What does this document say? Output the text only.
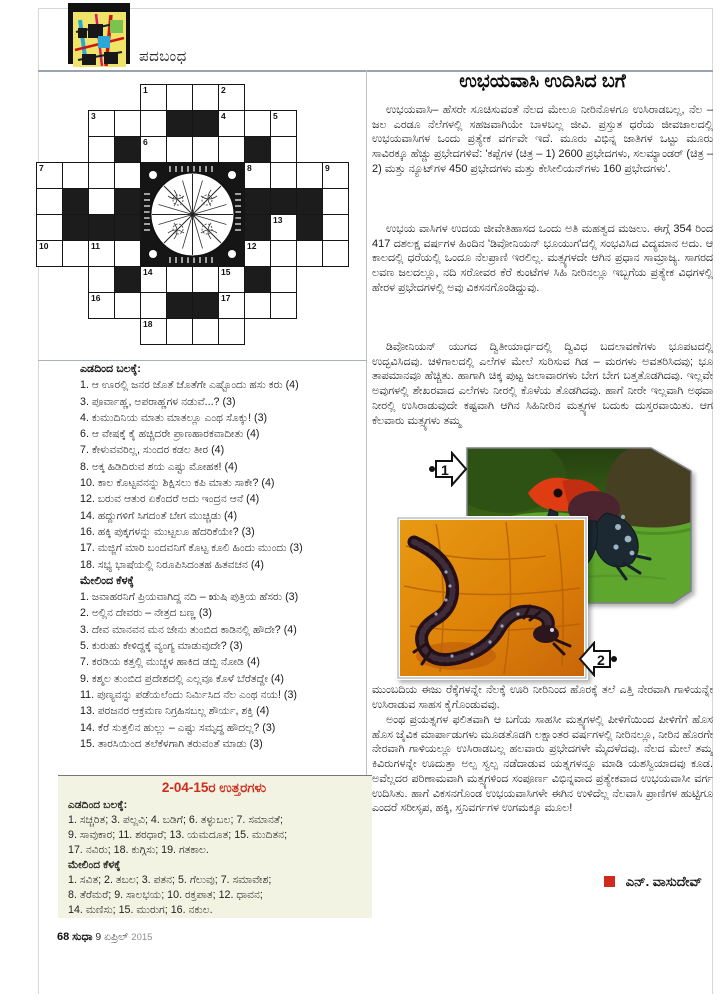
ಪದಬಂಧ
1	2
3	4	5
6
7	8	9
10	11	12
13
14	15
16	17
18
ಎಡದಿಂದ ಬಲಕ್ಕೆ:
1. ಆ ಊರಲ್ಲಿ ಜನರ ಜೊತೆ ಜೊತೆಗೇ ಎಷ್ಟೊಂದು ಹಸು ಕರು (4)
3. ಪೂರ್ವಾಹ್ಣ, ಅಪರಾಹ್ಣಗಳ ನಡುವೆ...? (3)
4. ಕುಮುದಿನಿಯ ಮಾತು ಮಾತಲ್ಲೂ ಎಂಥ ಸೊಕ್ಕು! (3)
6. ಆ ವೇಷಕ್ಕೆ ಕೈ ಹಚ್ಚಿದರೇ ಪ್ರಾಣಹಾರಕವಾದೀತು (4)
7. ಕೇಳುವವರಿಲ್ಲ, ಸುಂದರ ಕಡಲ ತೀರ (4)
8. ಅಕ್ಕ ಹಿಡಿದಿರುವ ಶಯ ಎಷ್ಟು ಮೋಹಕ! (4)
10. ಕಾಲ ಕೊಟ್ಟವನನ್ನು ಶಿಕ್ಷಿಸಲು ಕಪಿ ಮಾತು ಸಾಕೇ? (4)
12. ಬರುವ ಆತುರ ಏಕೆಂದರೆ ಅದು ಇಂದ್ರನ ಆನೆ (4)
14. ಹದ್ದುಗಳಿಗೆ ಸಿಗದಂತೆ ಬೇಗ ಮುಚ್ಚಿಡು (4)
16. ಹಕ್ಕಿ ಪುಕ್ಕಗಳನ್ನು ಮುಟ್ಟಲೂ ಹೆದರಿಕೆಯೇ? (3)
17. ಮಜ್ಜಿಗೆ ಮಾರಿ ಬಂದವನಿಗೆ ಕೊಟ್ಟ ಕೂಲಿ ಹಿಂದು ಮುಂದು (3)
18. ಸಭ್ಯ ಭಾಷೆಯಲ್ಲಿ ನಿರೂಪಿಸಿದಂತಹ ಹಿತವಚನ (4)
ಮೇಲಿಂದ ಕೆಳಕ್ಕೆ
1. ಜವಾಹರನಿಗೆ ಪ್ರಿಯವಾಗಿದ್ದ ನದಿ – ಋಷಿ ಪುತ್ರಿಯ ಹೆಸರು (3)
2. ಅಲ್ಲಿನ ದೇವರು – ನೇತ್ರದ ಬಣ್ಣ (3)
3. ದೇವ ಮಾನವನ ಮನ ಜೇನು ತುಂಬಿದ ಕಾಡಿನಲ್ಲಿ ಹೌದೇ? (4)
5. ಕುರುಹು ಕೇಳಿದ್ದಕ್ಕೆ ವ್ಯಂಗ್ಯ ಮಾಡುವುದೇ? (3)
7. ಕರಡಿಯ ಕತ್ತಲ್ಲಿ ಮುಚ್ಚಳ ಹಾಕಿದ ಡಬ್ಬಿ ನೋಡಿ (4)
9. ಕಶ್ಮಲ ತುಂಬಿದ ಪ್ರದೇಶದಲ್ಲಿ ಎಲ್ಲವೂ ಕೊಳೆ ಬೆರೆತದ್ದೇ (4)
11. ಪುಣ್ಯವನ್ನು ಪಡೆಯಲೆಂದು ನಿರ್ಮಿಸಿದ ನೆಲ ಎಂಥ ನಯ! (3)
13. ಪರಜನರ ಆಕ್ರಮಣ ನಿಗ್ರಹಿಸಬಲ್ಲ ಶೌರ್ಯ, ಶಕ್ತಿ (4)
14. ಕೆರೆ ಸುತ್ತಲಿನ ಹುಲ್ಲು – ಎಷ್ಟು ಸಮೃದ್ಧ ಹೌದಲ್ಲ? (3)
15. ತಾರಸಿಯಿಂದ ತಲೆಕೆಳಗಾಗಿ ತರುವಂತೆ ಮಾಡು (3)
2-04-15ರ ಉತ್ತರಗಳು
ಎಡದಿಂದ ಬಲಕ್ಕೆ:
1. ಸಚ್ಚರಿತ; 3. ಪಲ್ಲವಿ; 4. ಬಡಿಗೆ; 6. ತಳ್ಳುಬಲ; 7. ಸಮಾನತೆ;
9. ಸಾವುಕಾರ; 11. ಶರಧಾರೆ; 13. ಯಮದೂತ; 15. ಮುದಿತನ;
17. ನವಿರು; 18. ಕುಗ್ಗಿಸು; 19. ಗತಕಾಲ.
ಮೇಲಿಂದ ಕೆಳಕ್ಕೆ
1. ಸವಿತ; 2. ತಬಲ; 3. ಪತನ; 5. ಗೆಲುವು; 7. ಸಮಾವೇಶ;
8. ತೆರೆಮರೆ; 9. ಸಾಲಭಯ; 10. ರಕ್ತಪಾತ; 12. ಧಾವನ;
14. ಮಣಿಸು; 15. ಮುರುಗ; 16. ನಕುಲ.
68 ಸುಧಾ 9 ಏಪ್ರಿಲ್ 2015
ಉಭಯವಾಸಿ ಉದಿಸಿದ ಬಗೆ
ಉಭಯವಾಸಿ– ಹೆಸರೇ ಸೂಚಿಸುವಂತೆ ನೆಲದ ಮೇಲೂ ನೀರಿನೊಳಗೂ ಉಸಿರಾಡಬಲ್ಲ, ನೆಲ – ಜಲ ಎರಡೂ ನೆಲೆಗಳಲ್ಲಿ ಸಹಜವಾಗಿಯೇ ಬಾಳಬಲ್ಲ ಜೀವಿ. ಪ್ರಸ್ತುತ ಧರೆಯ ಜೀವಜಾಲದಲ್ಲಿ ಉಭಯವಾಸಿಗಳ ಒಂದು ಪ್ರತ್ಯೇಕ ವರ್ಗವೇ ಇದೆ. ಮೂರು ವಿಭಿನ್ನ ಜಾತಿಗಳ ಒಟ್ಟು ಮೂರು ಸಾವಿರಕ್ಕೂ ಹೆಚ್ಚು ಪ್ರಭೇದಗಳಿವೆ: 'ಕಪ್ಪೆಗಳ (ಚಿತ್ರ – 1) 2600 ಪ್ರಭೇದಗಳು, ಸಲಮ್ಯಾಂಡರ್ (ಚಿತ್ರ – 2) ಮತ್ತು ನ್ಯೂಟ್‌ಗಳ 450 ಪ್ರಭೇದಗಳು ಮತ್ತು ಕೇಸೀಲಿಯನ್‌ಗಳು 160 ಪ್ರಭೇದಗಳು'.
ಉಭಯ ವಾಸಿಗಳ ಉದಯ ಜೀವೇತಿಹಾಸದ ಒಂದು ಅತಿ ಮಹತ್ವದ ಮಜಲು. ಈಗ್ಗೆ 354 ರಿಂದ 417 ದಶಲಕ್ಷ ವರ್ಷಗಳ ಹಿಂದಿನ 'ಡಿವೋನಿಯನ್ ಭೂಯುಗ'ದಲ್ಲಿ ಸಂಭವಿಸಿದ ವಿದ್ಯಮಾನ ಅದು. ಆ ಕಾಲದಲ್ಲಿ ಧರೆಯಲ್ಲಿ ಒಂದೂ ನೆಲಪ್ರಾಣಿ ಇರಲಿಲ್ಲ. ಮತ್ಸ್ಯಗಳದೇ ಆಗಿನ ಪ್ರಧಾನ ಸಾಮ್ರಾಜ್ಯ. ಸಾಗರದ ಲವಣ ಜಲದಲ್ಲೂ, ನದಿ ಸರೋವರ ಕೆರೆ ಕುಂಟೆಗಳ ಸಿಹಿ ನೀರಿನಲ್ಲೂ ಇಬ್ಬಗೆಯ ಪ್ರತ್ಯೇಕ ವಿಧಗಳಲ್ಲಿ ಹೇರಳ ಪ್ರಭೇದಗಳಲ್ಲಿ ಅವು ವಿಕಸನಗೊಂಡಿದ್ದುವು.
ಡಿವೋನಿಯನ್ ಯುಗದ ದ್ವಿತೀಯಾರ್ಧದಲ್ಲಿ ದ್ವಿವಿಧ ಬದಲಾವಣೆಗಳು ಭೂಪಟದಲ್ಲಿ ಉದ್ಭವಿಸಿದವು. ಚಳಿಗಾಲದಲ್ಲಿ ಎಲೆಗಳ ಮೇಲೆ ಸುರಿಸುವ ಗಿಡ – ಮರಗಳು ಅವತರಿಸಿದವು; ಭೂ ತಾಪಮಾನವೂ ಹೆಚ್ಚಿತು. ಹಾಗಾಗಿ ಚಿಕ್ಕ ಪುಟ್ಟ ಜಲಾವಾರಗಳು ಬೇಗ ಬೇಗ ಬತ್ತತೊಡಗಿದವು. ಇಲ್ಲವೇ ಅವುಗಳಲ್ಲಿ ಶೇಖರವಾದ ಎಲೆಗಳು ನೀರಲ್ಲಿ ಕೊಳೆಯ ತೊಡಗಿದವು. ಹಾಗೆ ನೀರೇ ಇಲ್ಲವಾಗಿ ಅಥವಾ ನೀರಲ್ಲಿ ಉಸಿರಾಡುವುದೇ ಕಷ್ಟವಾಗಿ ಆಗಿನ ಸಿಹಿನೀರಿನ ಮತ್ಸ್ಯಗಳ ಬದುಕು ದುಸ್ತರವಾಯಿತು. ಆಗ ಕೆಲವಾರು ಮತ್ಸ್ಯಗಳು ತಮ್ಮ
ಮುಂಬದಿಯ ಈಜು ರೆಕ್ಕೆಗಳನ್ನೇ ನೆಲಕ್ಕೆ ಊರಿ ನೀರಿನಿಂದ ಹೊರಕ್ಕೆ ತಲೆ ಎತ್ತಿ ನೇರವಾಗಿ ಗಾಳಿಯನ್ನೇ ಉಸಿರಾಡುವ ಸಾಹಸ ಕೈಗೊಂಡುವವು.
ಅಂಥ ಪ್ರಯತ್ನಗಳ ಫಲಿತವಾಗಿ ಆ ಬಗೆಯ ಸಾಹಸೀ ಮತ್ಸ್ಯಗಳಲ್ಲಿ ಪೀಳಿಗೆಯಿಂದ ಪೀಳಿಗೆಗೆ ಹೊಸ ಹೊಸ ಜೈವಿಕ ಮಾರ್ಪಾಡುಗಳು ಮೂಡತೊಡಗಿ ಲಕ್ಷಾಂತರ ವರ್ಷಗಳಲ್ಲಿ ನೀರಿನಲ್ಲೂ, ನೀರಿನ ಹೊರಗೇ ನೇರವಾಗಿ ಗಾಳಿಯಲ್ಲೂ ಉಸಿರಾಡಬಲ್ಲ ಹಲವಾರು ಪ್ರಭೇದಗಳೇ ಮೈದಳೆದವು. ನೆಲದ ಮೇಲೆ ತಮ್ಮ ಕಿವಿರುಗಳನ್ನೇ ಊದುತ್ತಾ ಅಲ್ಪ ಸ್ವಲ್ಪ ನಡೆದಾಡುವ ಯತ್ನಗಳನ್ನೂ ಮಾಡಿ ಯಶಸ್ವಿಯಾದವು ಕೂಡ. ಅವೆಲ್ಲದರ ಪರಿಣಾಮವಾಗಿ ಮತ್ಸ್ಯಗಳಿಂದ ಸಂಪೂರ್ಣ ವಿಭಿನ್ನವಾದ ಪ್ರತ್ಯೇಕವಾದ ಉಭಯವಾಸೀ ವರ್ಗ ಉದಿಸಿತು. ಹಾಗೆ ವಿಕಸನಗೊಂಡ ಉಭಯವಾಸಿಗಳೇ ಈಗಿನ ಉಳಿದೆಲ್ಲ ನೆಲವಾಸಿ ಪ್ರಾಣಿಗಳ ಹುಟ್ಟಿಗೂ ಎಂದರೆ ಸರೀಸೃಪ, ಹಕ್ಕಿ, ಸ್ತನಿವರ್ಗಗಳ ಉಗಮಕ್ಕೂ ಮೂಲ!
1
2
ಎನ್. ವಾಸುದೇವ್
